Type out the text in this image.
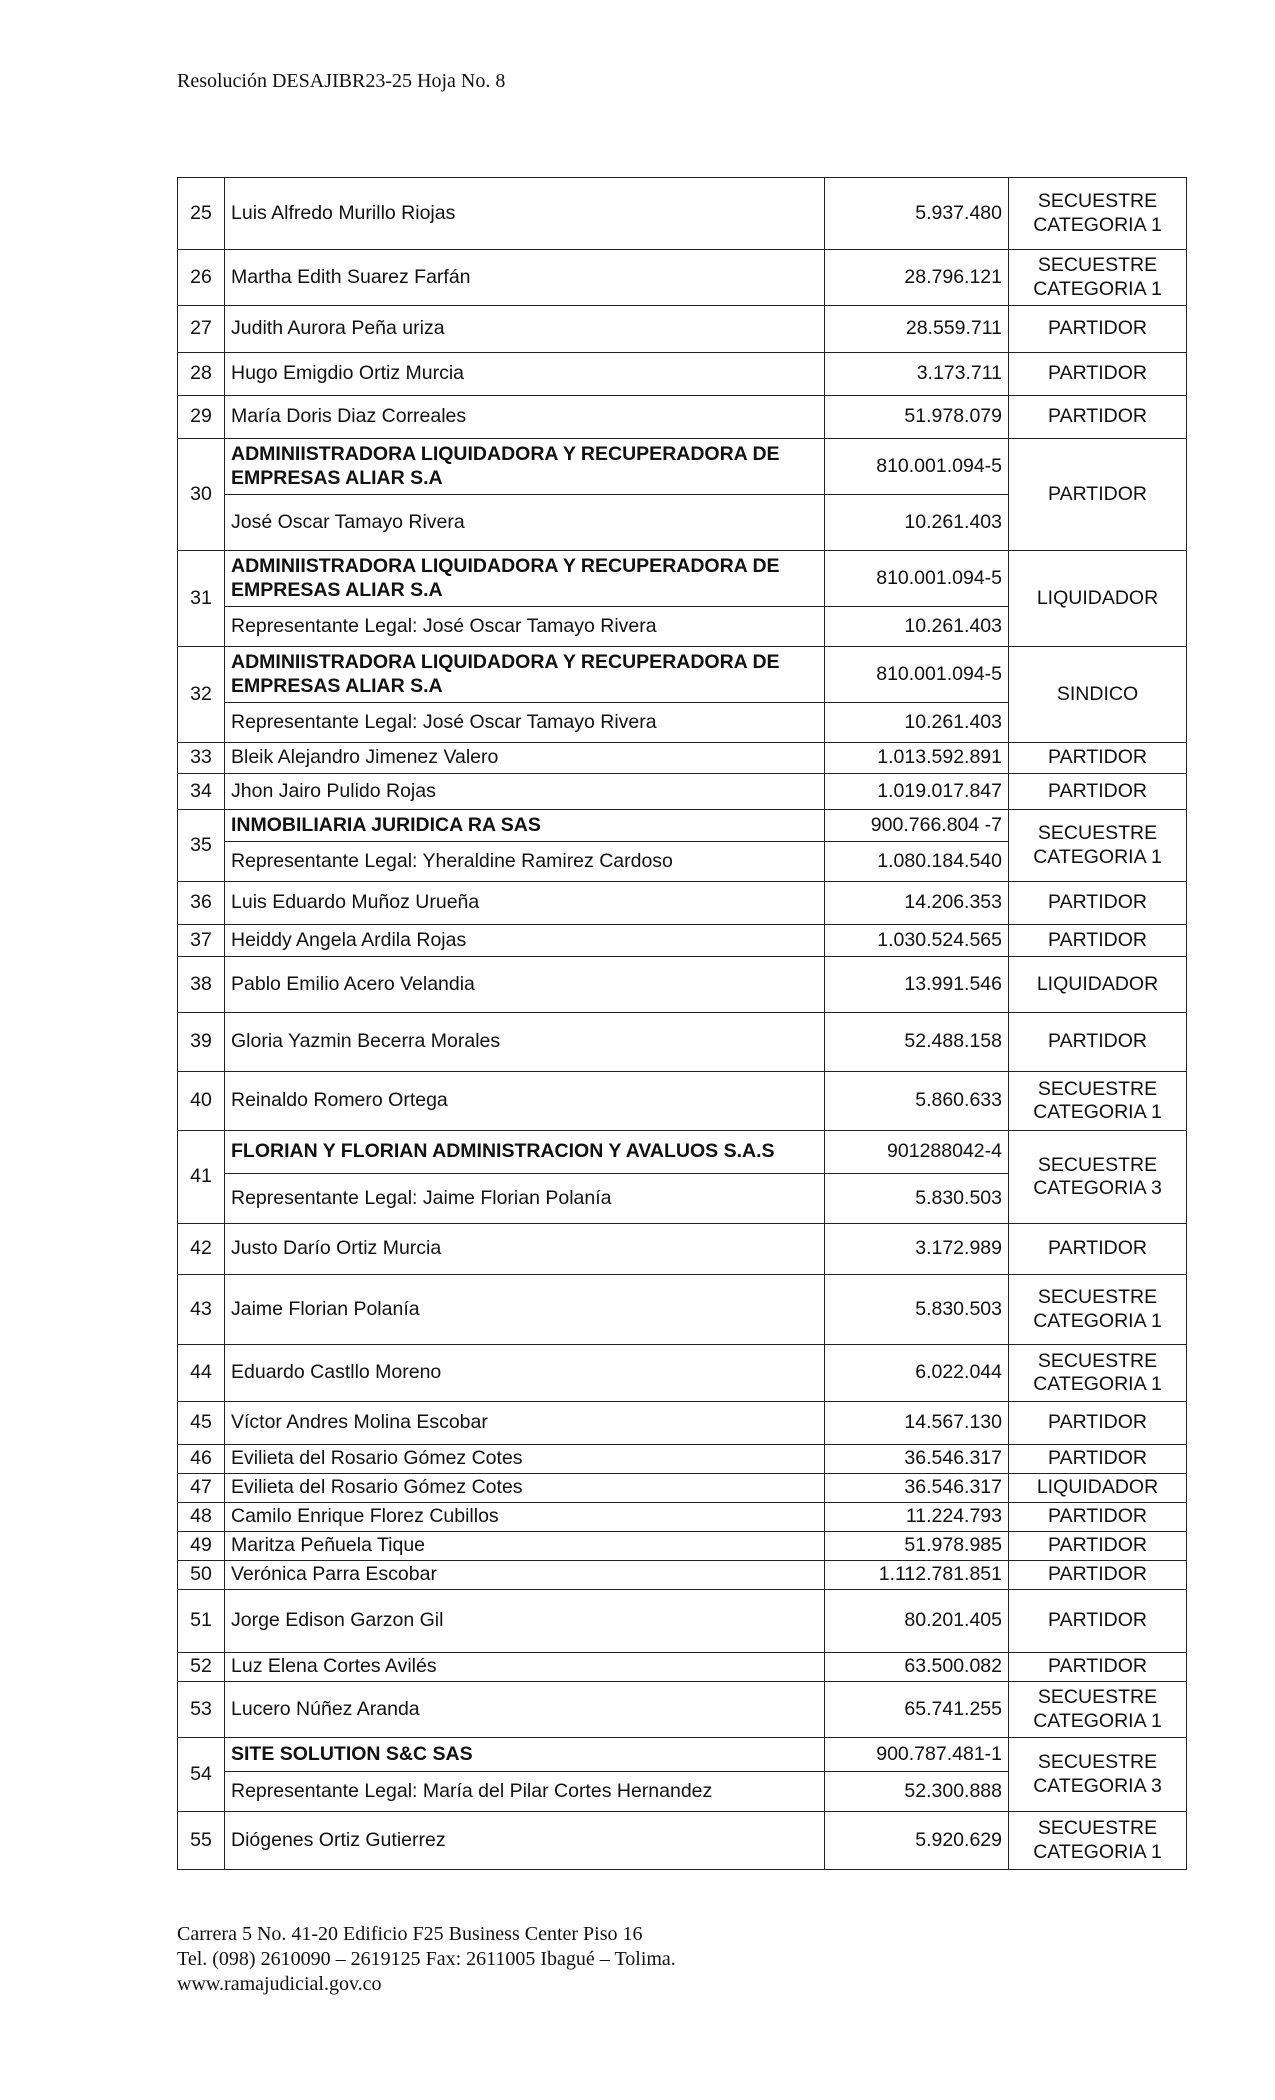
Resolución DESAJIBR23-25 Hoja No. 8
25	Luis Alfredo Murillo Riojas	5.937.480	SECUESTRE CATEGORIA 1
26	Martha Edith Suarez Farfán	28.796.121	SECUESTRE CATEGORIA 1
27	Judith Aurora Peña uriza	28.559.711	PARTIDOR
28	Hugo Emigdio Ortiz Murcia	3.173.711	PARTIDOR
29	María Doris Diaz Correales	51.978.079	PARTIDOR
30	ADMINIISTRADORA LIQUIDADORA Y RECUPERADORA DE EMPRESAS ALIAR S.A	810.001.094-5	PARTIDOR
	José Oscar Tamayo Rivera	10.261.403	
31	ADMINIISTRADORA LIQUIDADORA Y RECUPERADORA DE EMPRESAS ALIAR S.A	810.001.094-5	LIQUIDADOR
	Representante Legal: José Oscar Tamayo Rivera	10.261.403	
32	ADMINIISTRADORA LIQUIDADORA Y RECUPERADORA DE EMPRESAS ALIAR S.A	810.001.094-5	SINDICO
	Representante Legal: José Oscar Tamayo Rivera	10.261.403	
33	Bleik Alejandro Jimenez Valero	1.013.592.891	PARTIDOR
34	Jhon Jairo Pulido Rojas	1.019.017.847	PARTIDOR
35	INMOBILIARIA JURIDICA RA SAS	900.766.804 -7	SECUESTRE CATEGORIA 1
	Representante Legal: Yheraldine Ramirez Cardoso	1.080.184.540	
36	Luis Eduardo Muñoz Urueña	14.206.353	PARTIDOR
37	Heiddy Angela Ardila Rojas	1.030.524.565	PARTIDOR
38	Pablo Emilio Acero Velandia	13.991.546	LIQUIDADOR
39	Gloria Yazmin Becerra Morales	52.488.158	PARTIDOR
40	Reinaldo Romero Ortega	5.860.633	SECUESTRE CATEGORIA 1
41	FLORIAN Y FLORIAN ADMINISTRACION Y AVALUOS S.A.S	901288042-4	SECUESTRE CATEGORIA 3
	Representante Legal: Jaime Florian Polanía	5.830.503	
42	Justo Darío Ortiz Murcia	3.172.989	PARTIDOR
43	Jaime Florian Polanía	5.830.503	SECUESTRE CATEGORIA 1
44	Eduardo Castllo Moreno	6.022.044	SECUESTRE CATEGORIA 1
45	Víctor Andres Molina Escobar	14.567.130	PARTIDOR
46	Evilieta del Rosario Gómez Cotes	36.546.317	PARTIDOR
47	Evilieta del Rosario Gómez Cotes	36.546.317	LIQUIDADOR
48	Camilo Enrique Florez Cubillos	11.224.793	PARTIDOR
49	Maritza Peñuela Tique	51.978.985	PARTIDOR
50	Verónica Parra Escobar	1.112.781.851	PARTIDOR
51	Jorge Edison Garzon Gil	80.201.405	PARTIDOR
52	Luz Elena Cortes Avilés	63.500.082	PARTIDOR
53	Lucero Núñez Aranda	65.741.255	SECUESTRE CATEGORIA 1
54	SITE SOLUTION S&C SAS	900.787.481-1	SECUESTRE CATEGORIA 3
	Representante Legal: María del Pilar Cortes Hernandez	52.300.888	
55	Diógenes Ortiz Gutierrez	5.920.629	SECUESTRE CATEGORIA 1
Carrera 5 No. 41-20 Edificio F25 Business Center Piso 16
Tel. (098) 2610090 – 2619125 Fax: 2611005 Ibagué – Tolima.
www.ramajudicial.gov.co
